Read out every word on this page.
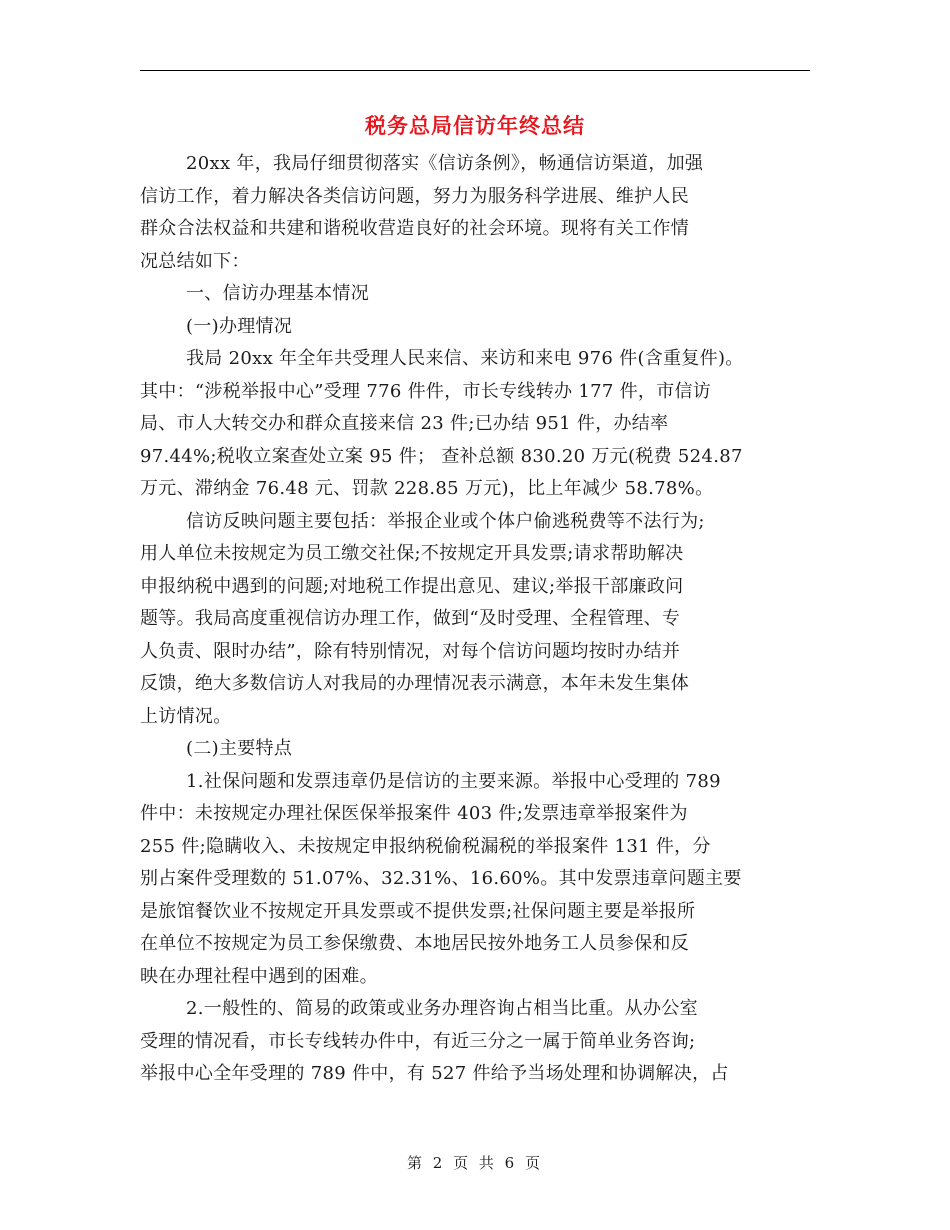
税务总局信访年终总结
20xx 年，我局仔细贯彻落实《信访条例》，畅通信访渠道，加强
信访工作，着力解决各类信访问题，努力为服务科学进展、维护人民
群众合法权益和共建和谐税收营造良好的社会环境。现将有关工作情
况总结如下：
一、信访办理基本情况
(一)办理情况
我局 20xx 年全年共受理人民来信、来访和来电 976 件(含重复件)。
其中：“涉税举报中心”受理 776 件件，市长专线转办 177 件，市信访
局、市人大转交办和群众直接来信 23 件;已办结 951 件，办结率
97.44%;税收立案查处立案 95 件； 查补总额 830.20 万元(税费 524.87
万元、滞纳金 76.48 元、罚款 228.85 万元)，比上年减少 58.78%。
信访反映问题主要包括：举报企业或个体户偷逃税费等不法行为;
用人单位未按规定为员工缴交社保;不按规定开具发票;请求帮助解决
申报纳税中遇到的问题;对地税工作提出意见、建议;举报干部廉政问
题等。我局高度重视信访办理工作，做到“及时受理、全程管理、专
人负责、限时办结”，除有特别情况，对每个信访问题均按时办结并
反馈，绝大多数信访人对我局的办理情况表示满意，本年未发生集体
上访情况。
(二)主要特点
1.社保问题和发票违章仍是信访的主要来源。举报中心受理的 789
件中：未按规定办理社保医保举报案件 403 件;发票违章举报案件为
255 件;隐瞒收入、未按规定申报纳税偷税漏税的举报案件 131 件，分
别占案件受理数的 51.07%、32.31%、16.60%。其中发票违章问题主要
是旅馆餐饮业不按规定开具发票或不提供发票;社保问题主要是举报所
在单位不按规定为员工参保缴费、本地居民按外地务工人员参保和反
映在办理社程中遇到的困难。
2.一般性的、简易的政策或业务办理咨询占相当比重。从办公室
受理的情况看，市长专线转办件中，有近三分之一属于简单业务咨询;
举报中心全年受理的 789 件中，有 527 件给予当场处理和协调解决，占
第 2 页 共 6 页
